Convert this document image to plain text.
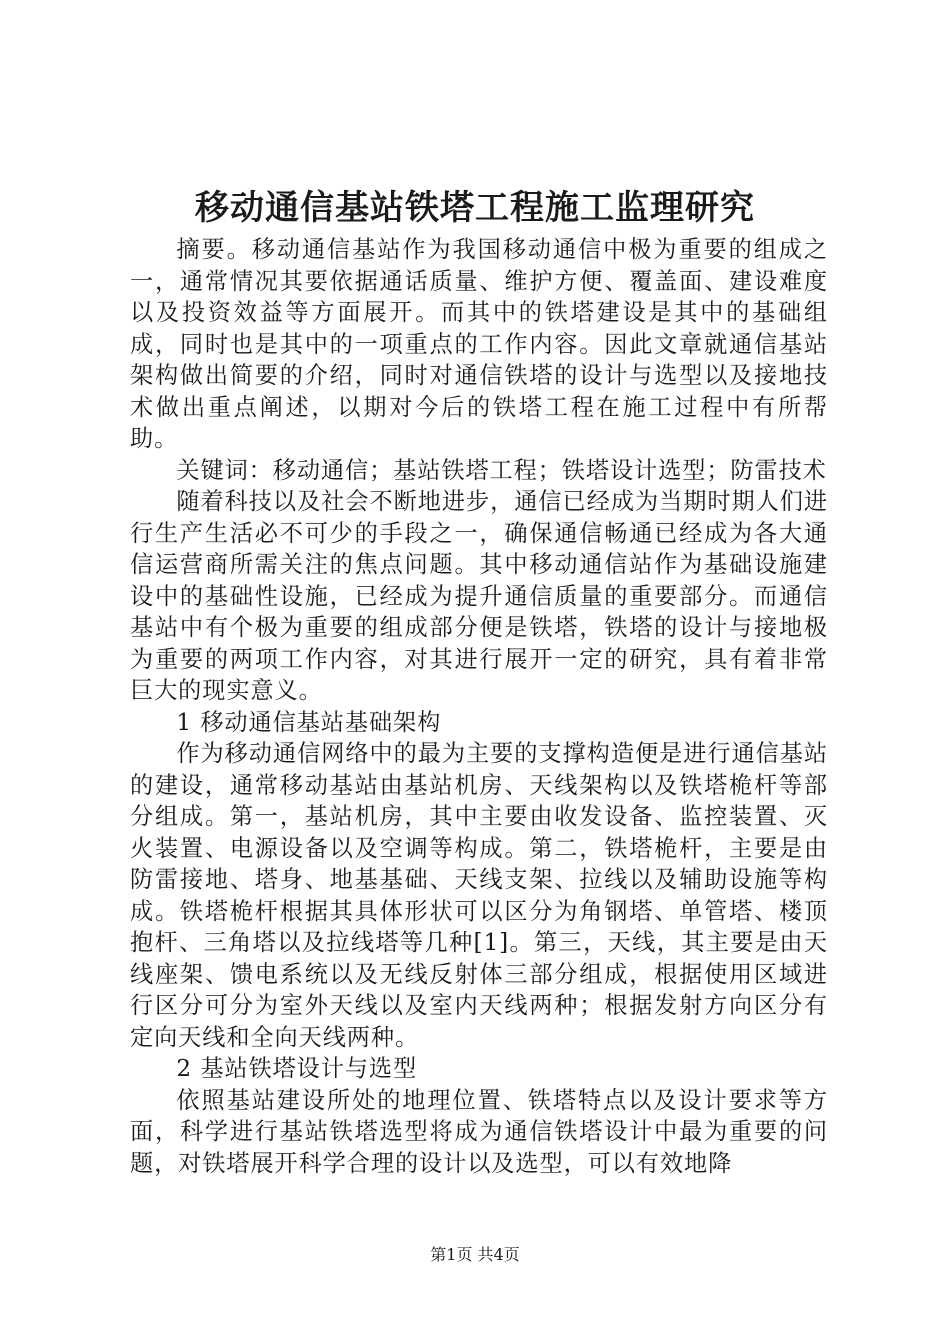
移动通信基站铁塔工程施工监理研究

摘要。移动通信基站作为我国移动通信中极为重要的组成之一，通常情况其要依据通话质量、维护方便、覆盖面、建设难度以及投资效益等方面展开。而其中的铁塔建设是其中的基础组成，同时也是其中的一项重点的工作内容。因此文章就通信基站架构做出简要的介绍，同时对通信铁塔的设计与选型以及接地技术做出重点阐述，以期对今后的铁塔工程在施工过程中有所帮助。

关键词：移动通信；基站铁塔工程；铁塔设计选型；防雷技术

随着科技以及社会不断地进步，通信已经成为当期时期人们进行生产生活必不可少的手段之一，确保通信畅通已经成为各大通信运营商所需关注的焦点问题。其中移动通信站作为基础设施建设中的基础性设施，已经成为提升通信质量的重要部分。而通信基站中有个极为重要的组成部分便是铁塔，铁塔的设计与接地极为重要的两项工作内容，对其进行展开一定的研究，具有着非常巨大的现实意义。

1 移动通信基站基础架构

作为移动通信网络中的最为主要的支撑构造便是进行通信基站的建设，通常移动基站由基站机房、天线架构以及铁塔桅杆等部分组成。第一，基站机房，其中主要由收发设备、监控装置、灭火装置、电源设备以及空调等构成。第二，铁塔桅杆，主要是由防雷接地、塔身、地基基础、天线支架、拉线以及辅助设施等构成。铁塔桅杆根据其具体形状可以区分为角钢塔、单管塔、楼顶抱杆、三角塔以及拉线塔等几种[1]。第三，天线，其主要是由天线座架、馈电系统以及无线反射体三部分组成，根据使用区域进行区分可分为室外天线以及室内天线两种；根据发射方向区分有定向天线和全向天线两种。

2 基站铁塔设计与选型

依照基站建设所处的地理位置、铁塔特点以及设计要求等方面，科学进行基站铁塔选型将成为通信铁塔设计中最为重要的问题，对铁塔展开科学合理的设计以及选型，可以有效地降

第1页 共4页
